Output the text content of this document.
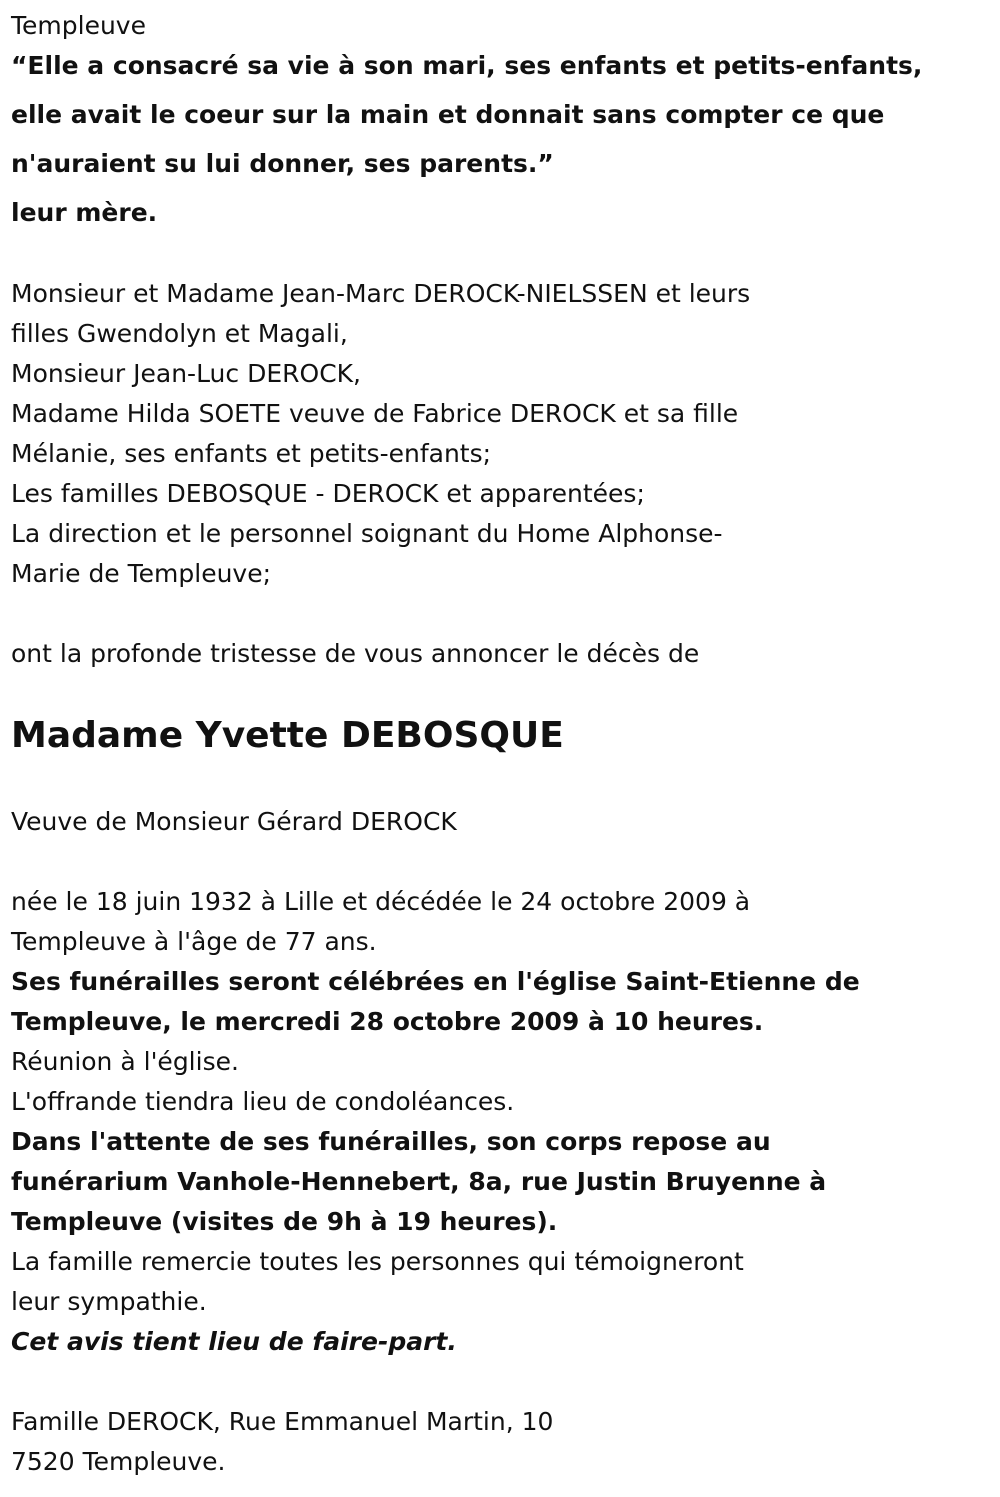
Templeuve

“Elle a consacré sa vie à son mari, ses enfants et petits-enfants,

elle avait le coeur sur la main et donnait sans compter ce que

n'auraient su lui donner, ses parents.”

leur mère.

Monsieur et Madame Jean-Marc DEROCK-NIELSSEN et leurs

filles Gwendolyn et Magali,

Monsieur Jean-Luc DEROCK,

Madame Hilda SOETE veuve de Fabrice DEROCK et sa fille

Mélanie, ses enfants et petits-enfants;

Les familles DEBOSQUE - DEROCK et apparentées;

La direction et le personnel soignant du Home Alphonse-

Marie de Templeuve;

ont la profonde tristesse de vous annoncer le décès de

Madame Yvette DEBOSQUE

Veuve de Monsieur Gérard DEROCK

née le 18 juin 1932 à Lille et décédée le 24 octobre 2009 à

Templeuve à l'âge de 77 ans.

Ses funérailles seront célébrées en l'église Saint-Etienne de

Templeuve, le mercredi 28 octobre 2009 à 10 heures.

Réunion à l'église.

L'offrande tiendra lieu de condoléances.

Dans l'attente de ses funérailles, son corps repose au

funérarium Vanhole-Hennebert, 8a, rue Justin Bruyenne à

Templeuve (visites de 9h à 19 heures).

La famille remercie toutes les personnes qui témoigneront

leur sympathie.

Cet avis tient lieu de faire-part.

Famille DEROCK, Rue Emmanuel Martin, 10

7520 Templeuve.
